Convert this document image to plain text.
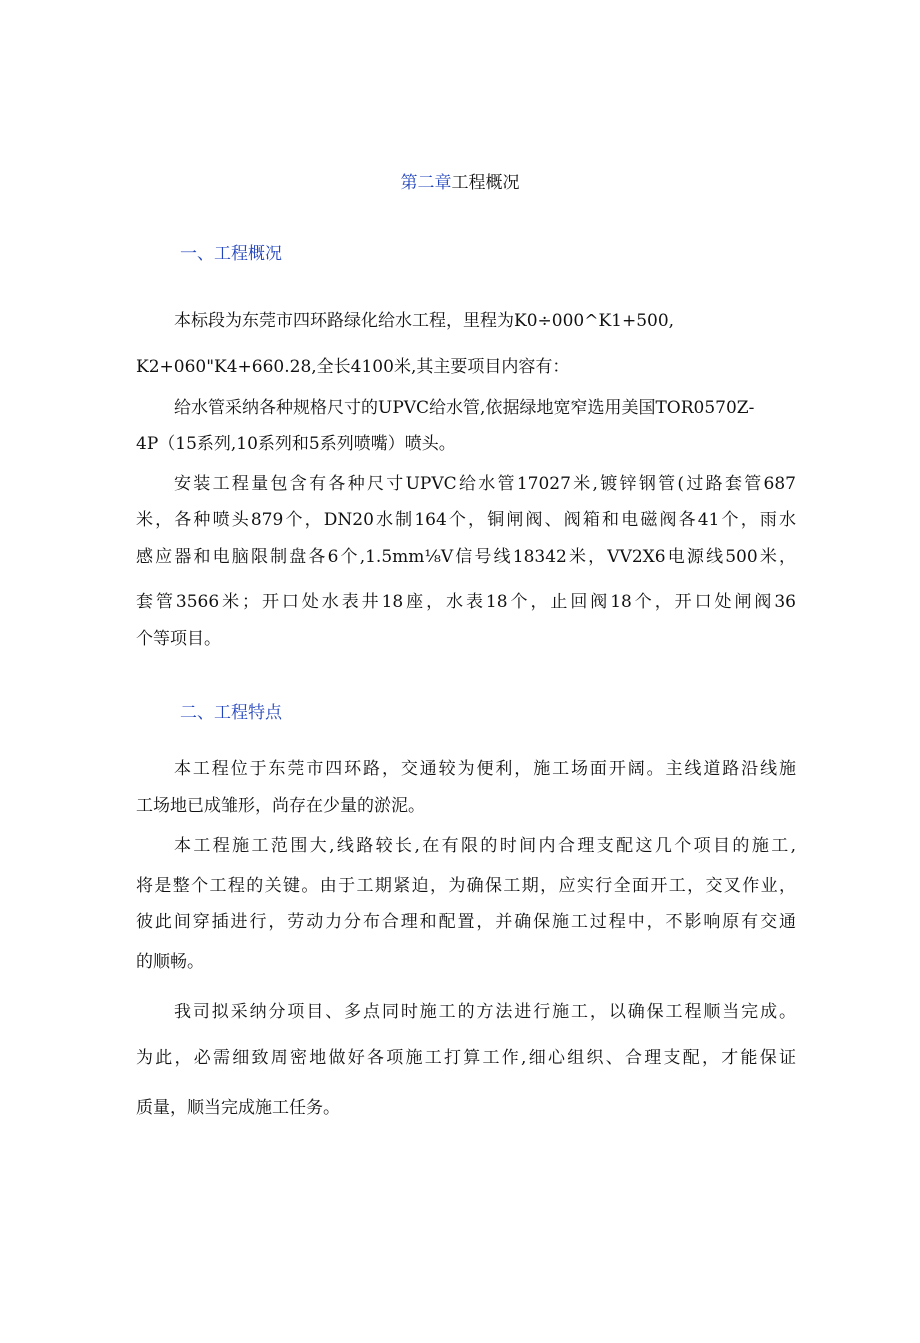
第二章工程概况
一、工程概况
本标段为东莞市四环路绿化给水工程，里程为K0÷000^K1+500,
K2+060"K4+660.28,全长4100米,其主要项目内容有：
给水管采纳各种规格尺寸的UPVC给水管,依据绿地宽窄选用美国TOR0570Z-
4P（15系列,10系列和5系列喷嘴）喷头。
安装工程量包含有各种尺寸UPVC给水管17027米,镀锌钢管(过路套管687
米，各种喷头879个，DN20水制164个，铜闸阀、阀箱和电磁阀各41个，雨水
感应器和电脑限制盘各6个,1.5mm⅛V信号线18342米，VV2X6电源线500米，
套管3566米；开口处水表井18座，水表18个，止回阀18个，开口处闸阀36
个等项目。
二、工程特点
本工程位于东莞市四环路，交通较为便利，施工场面开阔。主线道路沿线施
工场地已成雏形，尚存在少量的淤泥。
本工程施工范围大,线路较长,在有限的时间内合理支配这几个项目的施工,
将是整个工程的关键。由于工期紧迫，为确保工期，应实行全面开工，交叉作业，
彼此间穿插进行，劳动力分布合理和配置，并确保施工过程中，不影响原有交通
的顺畅。
我司拟采纳分项目、多点同时施工的方法进行施工，以确保工程顺当完成。
为此，必需细致周密地做好各项施工打算工作,细心组织、合理支配，才能保证
质量，顺当完成施工任务。
